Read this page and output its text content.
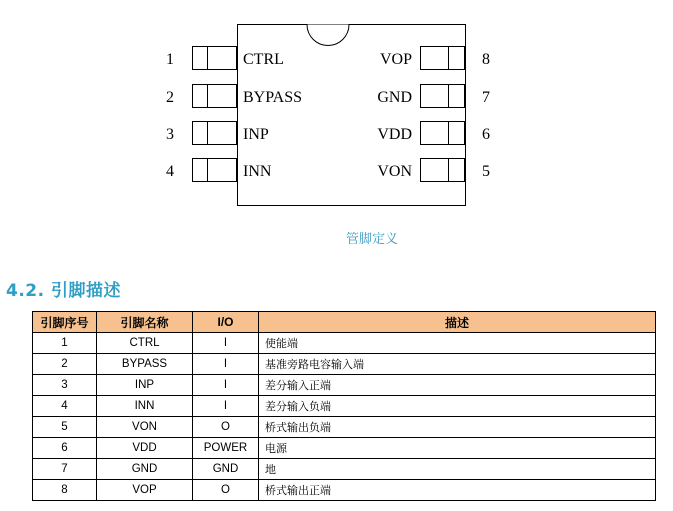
1	CTRL
2	BYPASS
3	INP
4	INN
8
VOP
7
GND
6
VDD
5
VON
管脚定义
4.2. 引脚描述
引脚序号	引脚名称	I/O	描述
1	CTRL	I	使能端
2	BYPASS	I	基准旁路电容输入端
3	INP	I	差分输入正端
4	INN	I	差分输入负端
5	VON	O	桥式输出负端
6	VDD	POWER	电源
7	GND	GND	地
8	VOP	O	桥式输出正端
